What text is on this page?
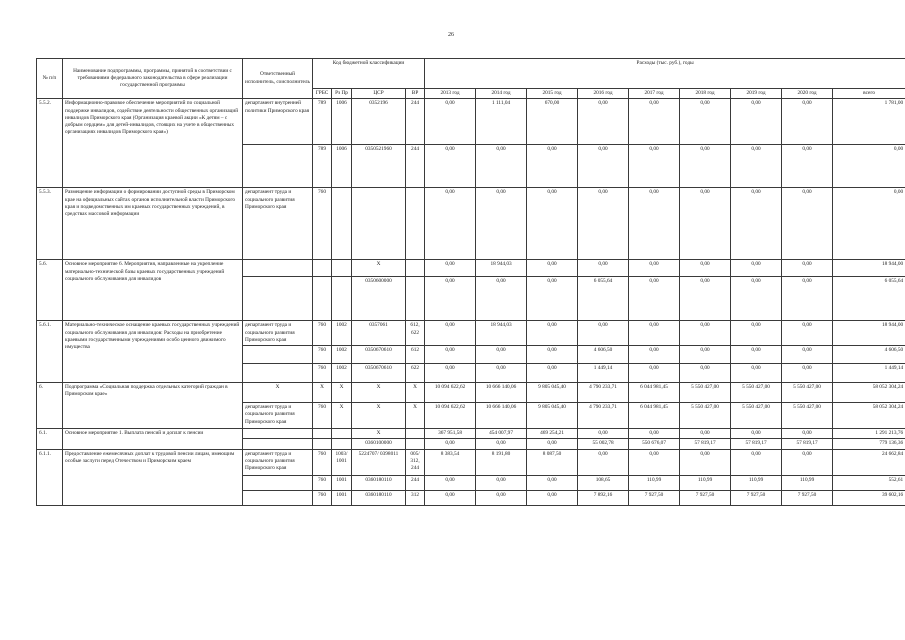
26
№ п/п	Наименование подпрограммы, программы, принятой в соответствии с требованиями федерального законодательства в сфере реализации государственной программы	Ответственный исполнитель, соисполнитель	Код бюджетной классификации				Расходы (тыс. руб.), годы								
			ГРБС	Рз Пр	ЦСР	ВР	2013 год	2014 год	2015 год	2016 год	2017 год	2018 год	2019 год	2020 год	всего
5.5.2.	Информационно-правовое обеспечение мероприятий по социальной поддержке инвалидов, содействие деятельности общественных организаций инвалидов Приморского края (Организация краевой акции «К детям – с добрым сердцем» для детей-инвалидов, стоящих на учете в общественных организациях инвалидов Приморского края»)	департамент внутренней политики Приморского края	789	1006	0352196	244	0,00	1 111,04	670,00	0,00	0,00	0,00	0,00	0,00	1 781,00
			789	1006	0350521960	244	0,00	0,00	0,00	0,00	0,00	0,00	0,00	0,00	0,00
5.5.3.	Размещение информации о формировании доступной среды в Приморском крае на официальных сайтах органов исполнительной власти Приморского края и подведомственных им краевых государственных учреждений, в средствах массовой информации	департамент труда и социального развития Приморского края	760				0,00	0,00	0,00	0,00	0,00	0,00	0,00	0,00	0,00
5.6.	Основное мероприятие 6. Мероприятия, направленные на укрепление материально-технической базы краевых государственных учреждений социального обслуживания для инвалидов				X		0,00	18 944,03	0,00	0,00	0,00	0,00	0,00	0,00	18 944,00
					0350600000		0,00	0,00	0,00	6 055,64	0,00	0,00	0,00	0,00	6 055,64
5.6.1.	Материально-техническое оснащение краевых государственных учреждений социального обслуживания для инвалидов: Расходы на приобретение краевыми государственными учреждениями особо ценного движимого имущества	департамент труда и социального развития Приморского края	760	1002	0357061	612, 622	0,00	18 944,03	0,00	0,00	0,00	0,00	0,00	0,00	18 944,00
			760	1002	0350670610	612	0,00	0,00	0,00	4 606,50	0,00	0,00	0,00	0,00	4 606,50
			760	1002	0350670610	622	0,00	0,00	0,00	1 449,14	0,00	0,00	0,00	0,00	1 449,14
6.	Подпрограмма «Социальная поддержка отдельных категорий граждан в Приморском крае»	X	X	X	X	X	10 094 622,62	10 666 140,06	9 805 045,40	4 790 233,71	6 044 981,45	5 550 427,00	5 550 427,00	5 550 427,00	58 052 304,24
		департамент труда и социального развития Приморского края	760	X	X	X	10 094 622,62	10 666 140,06	9 805 045,40	4 790 233,71	6 044 981,45	5 550 427,00	5 550 427,00	5 550 427,00	58 052 304,24
6.1.	Основное мероприятие 1. Выплата пенсий и доплат к пенсии				X		367 951,58	454 007,97	469 254,21	0,00	0,00	0,00	0,00	0,00	1 291 213,76
					0360100000		0,00	0,00	0,00	55 002,78	550 676,07	57 819,17	57 819,17	57 819,17	779 136,36
6.1.1.	Предоставление ежемесячных доплат к трудовой пенсии лицам, имеющим особые заслуги перед Отечеством и Приморским краем	департамент труда и социального развития Приморского края	760	1003/ 1001	5224707/ 0398011	005/ 312, 244	8 383,54	8 191,80	8 087,50	0,00	0,00	0,00	0,00	0,00	24 662,84
			760	1001	0360180110	244	0,00	0,00	0,00	108,65	110,99	110,99	110,99	110,99	552,61
			760	1001	0360180110	312	0,00	0,00	0,00	7 892,16	7 927,50	7 927,50	7 927,50	7 927,50	39 602,16
